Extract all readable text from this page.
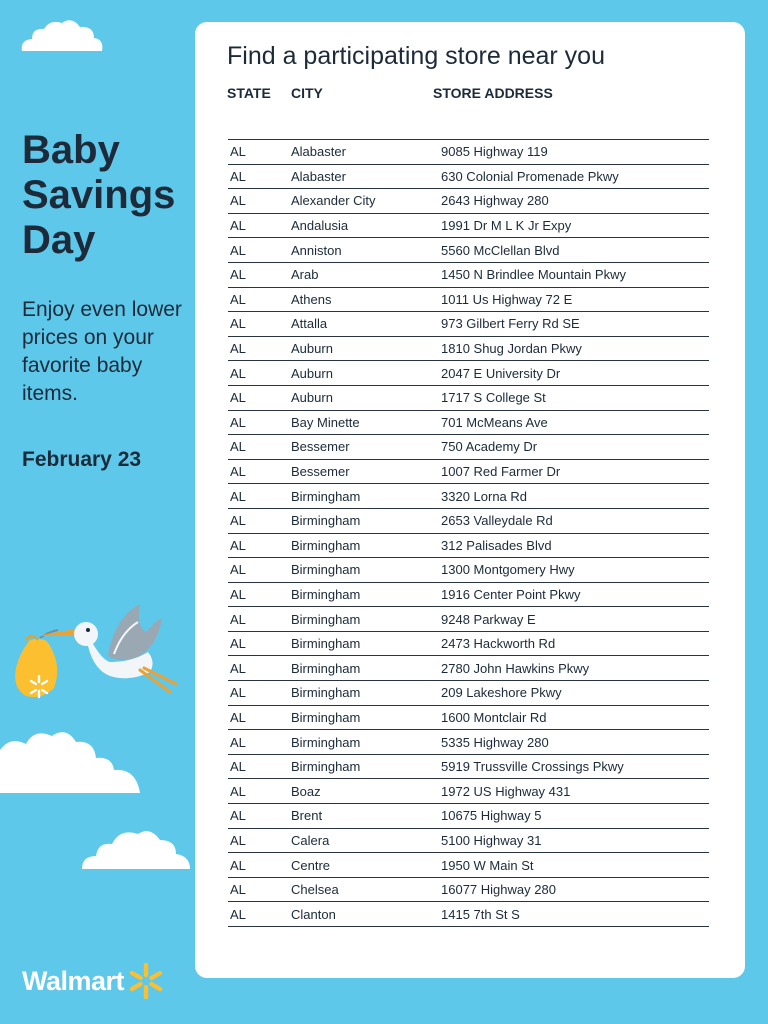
Baby Savings Day
Enjoy even lower prices on your favorite baby items.
February 23
Walmart
Find a participating store near you
STATE CITY	STORE ADDRESS
AL	Alabaster	9085 Highway 119
AL	Alabaster	630 Colonial Promenade Pkwy
AL	Alexander City	2643 Highway 280
AL	Andalusia	1991 Dr M L K Jr Expy
AL	Anniston	5560 McClellan Blvd
AL	Arab	1450 N Brindlee Mountain Pkwy
AL	Athens	1011 Us Highway 72 E
AL	Attalla	973 Gilbert Ferry Rd SE
AL	Auburn	1810 Shug Jordan Pkwy
AL	Auburn	2047 E University Dr
AL	Auburn	1717 S College St
AL	Bay Minette	701 McMeans Ave
AL	Bessemer	750 Academy Dr
AL	Bessemer	1007 Red Farmer Dr
AL	Birmingham	3320 Lorna Rd
AL	Birmingham	2653 Valleydale Rd
AL	Birmingham	312 Palisades Blvd
AL	Birmingham	1300 Montgomery Hwy
AL	Birmingham	1916 Center Point Pkwy
AL	Birmingham	9248 Parkway E
AL	Birmingham	2473 Hackworth Rd
AL	Birmingham	2780 John Hawkins Pkwy
AL	Birmingham	209 Lakeshore Pkwy
AL	Birmingham	1600 Montclair Rd
AL	Birmingham	5335 Highway 280
AL	Birmingham	5919 Trussville Crossings Pkwy
AL	Boaz	1972 US Highway 431
AL	Brent	10675 Highway 5
AL	Calera	5100 Highway 31
AL	Centre	1950 W Main St
AL	Chelsea	16077 Highway 280
AL	Clanton	1415 7th St S
